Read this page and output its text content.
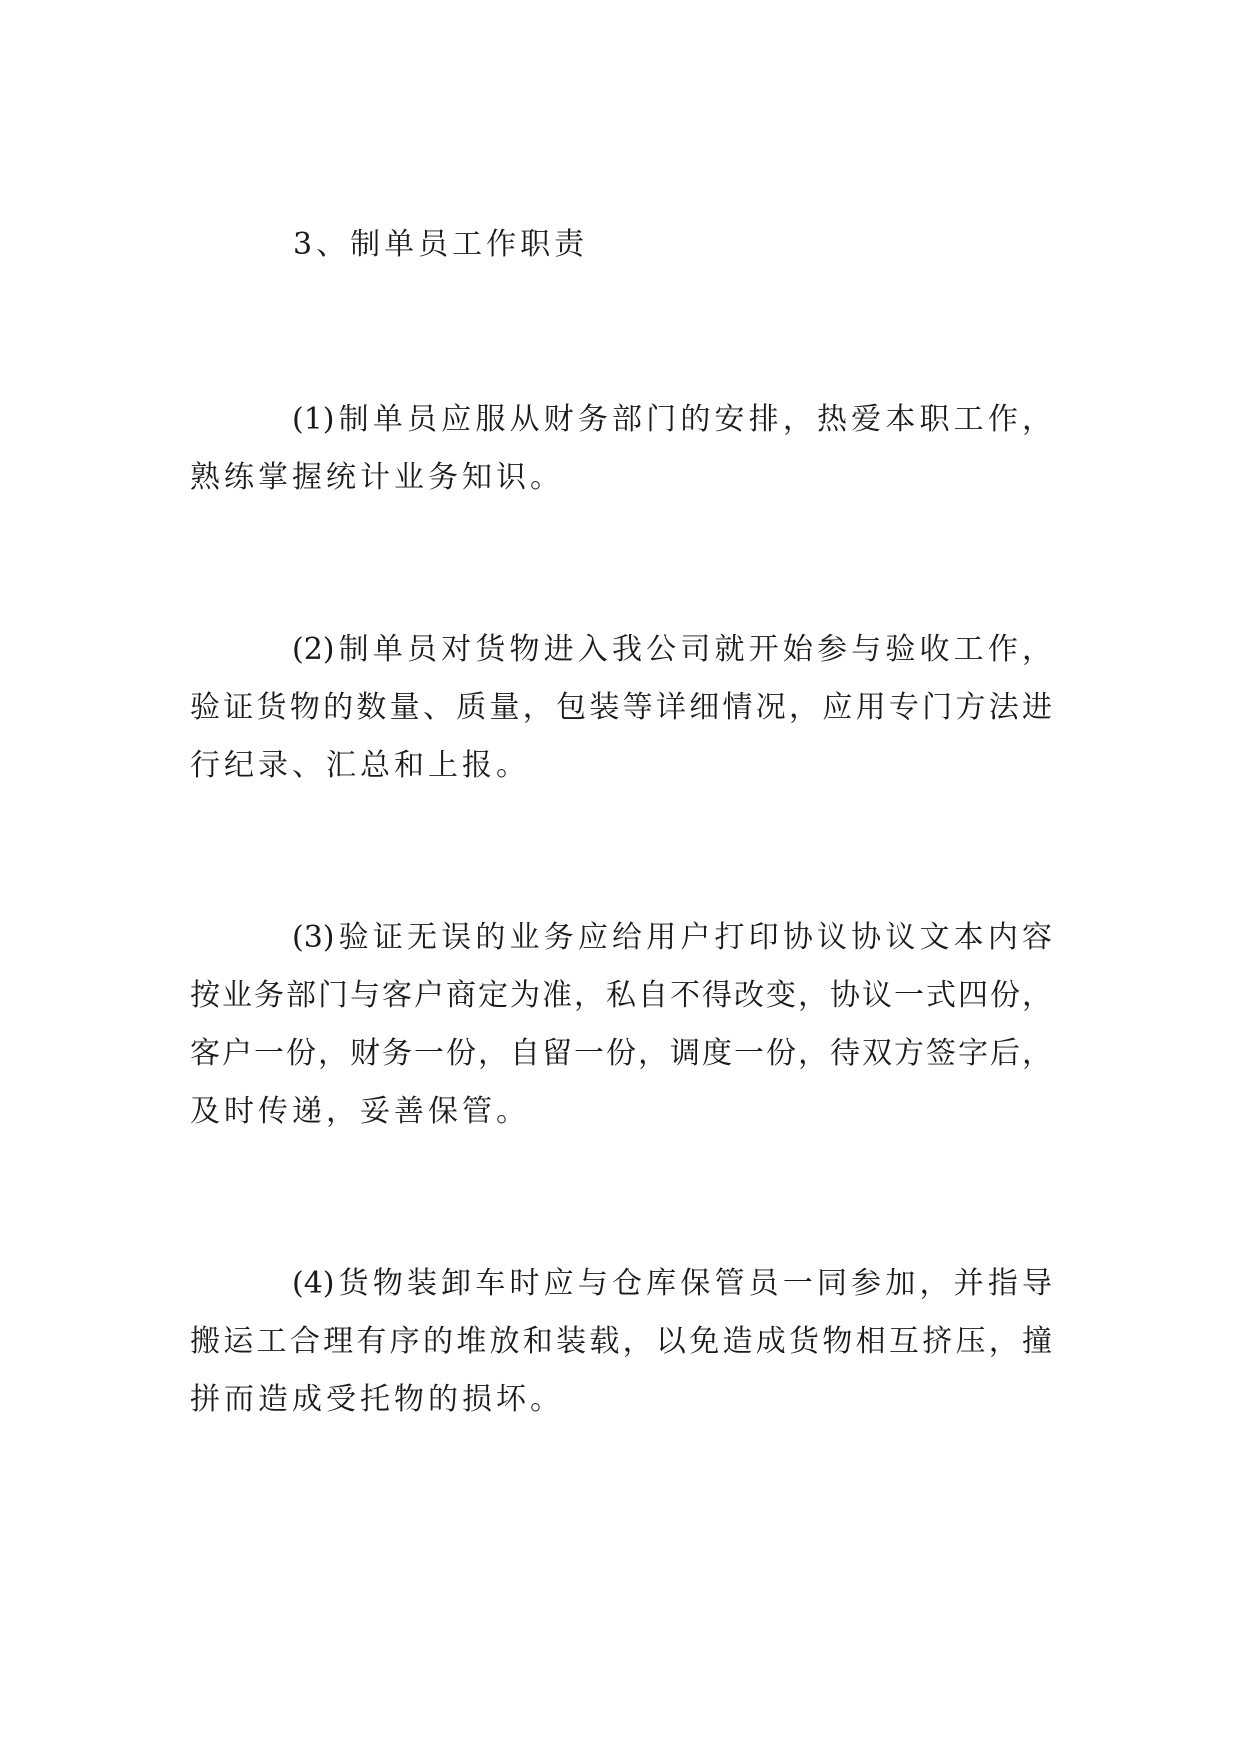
3、制单员工作职责
(1)制单员应服从财务部门的安排，热爱本职工作，
熟练掌握统计业务知识。
(2)制单员对货物进入我公司就开始参与验收工作，
验证货物的数量、质量，包装等详细情况，应用专门方法进
行纪录、汇总和上报。
(3)验证无误的业务应给用户打印协议协议文本内容
按业务部门与客户商定为准，私自不得改变，协议一式四份，
客户一份，财务一份，自留一份，调度一份，待双方签字后，
及时传递，妥善保管。
(4)货物装卸车时应与仓库保管员一同参加，并指导
搬运工合理有序的堆放和装载，以免造成货物相互挤压，撞
拼而造成受托物的损坏。
